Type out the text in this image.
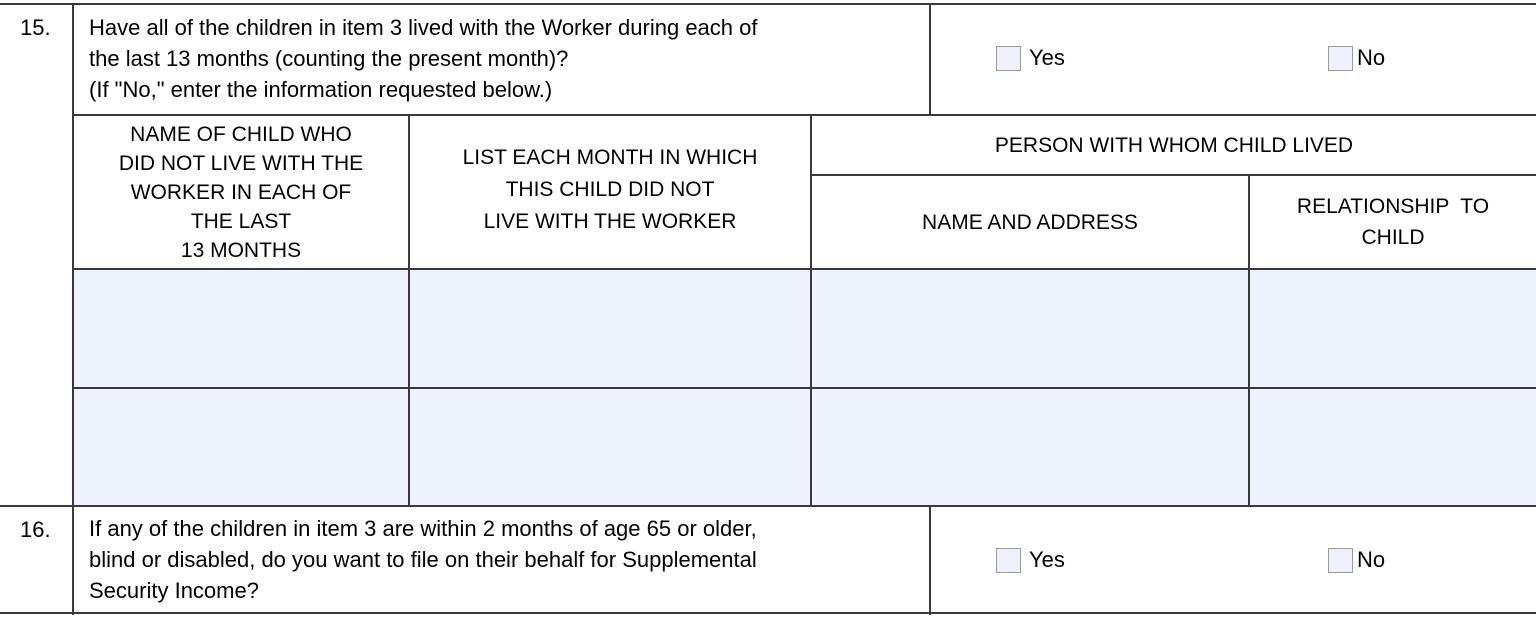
15. Have all of the children in item 3 lived with the Worker during each of
the last 13 months (counting the present month)?
(If "No," enter the information requested below.)
Yes	No
NAME OF CHILD WHO
DID NOT LIVE WITH THE
WORKER IN EACH OF
THE LAST
13 MONTHS
LIST EACH MONTH IN WHICH
THIS CHILD DID NOT
LIVE WITH THE WORKER
PERSON WITH WHOM CHILD LIVED
NAME AND ADDRESS
RELATIONSHIP  TO
CHILD
16. If any of the children in item 3 are within 2 months of age 65 or older,
blind or disabled, do you want to file on their behalf for Supplemental
Security Income?
Yes	No
